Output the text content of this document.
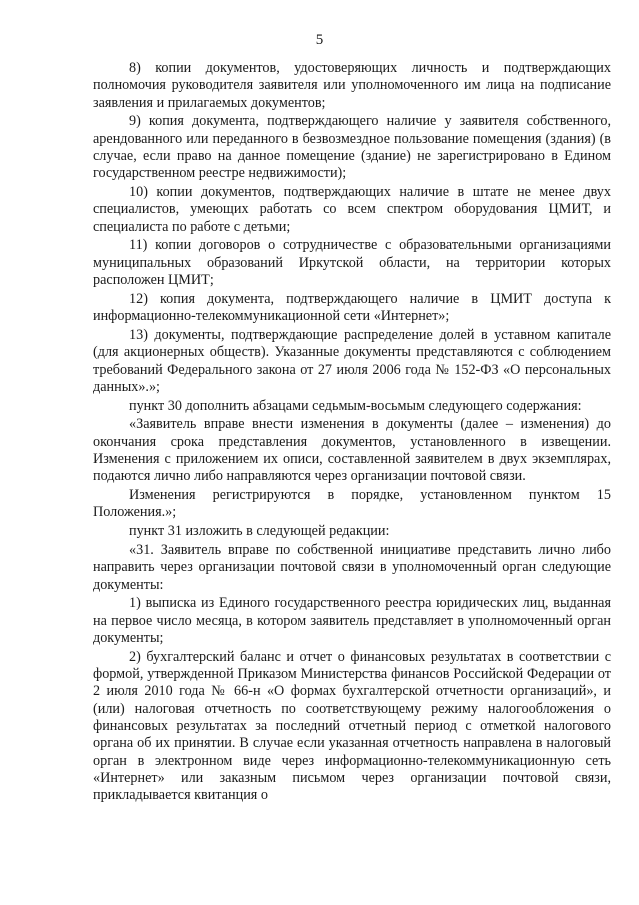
5

8) копии документов, удостоверяющих личность и подтверждающих полномочия руководителя заявителя или уполномоченного им лица на подписание заявления и прилагаемых документов;

9) копия документа, подтверждающего наличие у заявителя собственного, арендованного или переданного в безвозмездное пользование помещения (здания) (в случае, если право на данное помещение (здание) не зарегистрировано в Едином государственном реестре недвижимости);

10) копии документов, подтверждающих наличие в штате не менее двух специалистов, умеющих работать со всем спектром оборудования ЦМИТ, и специалиста по работе с детьми;

11) копии договоров о сотрудничестве с образовательными организациями муниципальных образований Иркутской области, на территории которых расположен ЦМИТ;

12) копия документа, подтверждающего наличие в ЦМИТ доступа к информационно-телекоммуникационной сети «Интернет»;

13) документы, подтверждающие распределение долей в уставном капитале (для акционерных обществ). Указанные документы представляются с соблюдением требований Федерального закона от 27 июля 2006 года № 152-ФЗ «О персональных данных».»;

пункт 30 дополнить абзацами седьмым-восьмым следующего содержания:

«Заявитель вправе внести изменения в документы (далее – изменения) до окончания срока представления документов, установленного в извещении. Изменения с приложением их описи, составленной заявителем в двух экземплярах, подаются лично либо направляются через организации почтовой связи.

Изменения регистрируются в порядке, установленном пунктом 15 Положения.»;

пункт 31 изложить в следующей редакции:

«31. Заявитель вправе по собственной инициативе представить лично либо направить через организации почтовой связи в уполномоченный орган следующие документы:

1) выписка из Единого государственного реестра юридических лиц, выданная на первое число месяца, в котором заявитель представляет в уполномоченный орган документы;

2) бухгалтерский баланс и отчет о финансовых результатах в соответствии с формой, утвержденной Приказом Министерства финансов Российской Федерации от 2 июля 2010 года № 66-н «О формах бухгалтерской отчетности организаций», и (или) налоговая отчетность по соответствующему режиму налогообложения о финансовых результатах за последний отчетный период с отметкой налогового органа об их принятии. В случае если указанная отчетность направлена в налоговый орган в электронном виде через информационно-телекоммуникационную сеть «Интернет» или заказным письмом через организации почтовой связи, прикладывается квитанция о
